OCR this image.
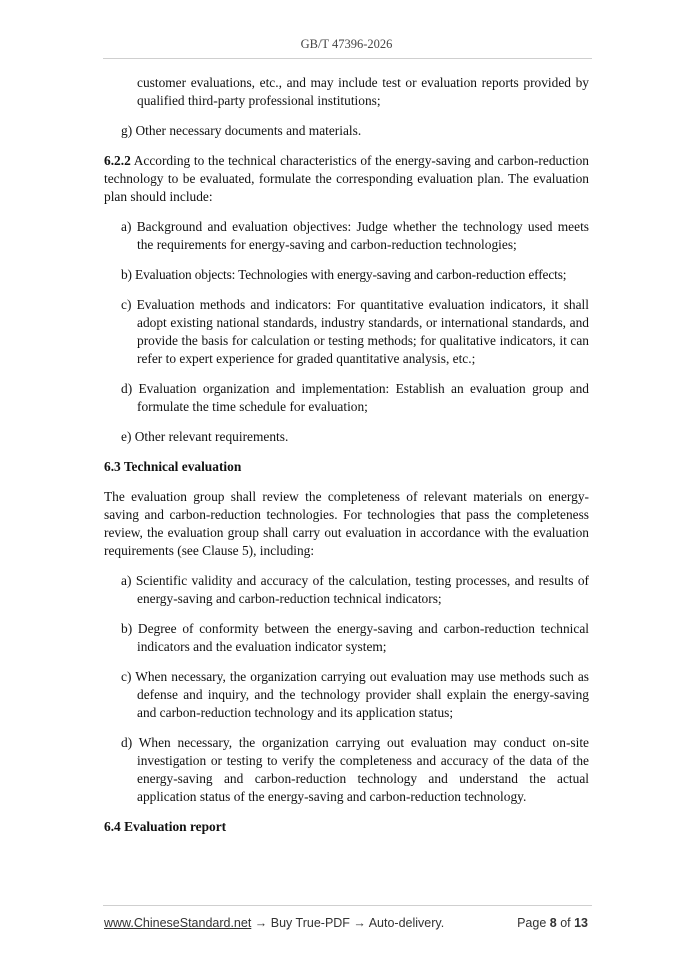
GB/T 47396-2026
customer evaluations, etc., and may include test or evaluation reports provided by qualified third-party professional institutions;
g) Other necessary documents and materials.

6.2.2 According to the technical characteristics of the energy-saving and carbon-reduction technology to be evaluated, formulate the corresponding evaluation plan. The evaluation plan should include:

a) Background and evaluation objectives: Judge whether the technology used meets the requirements for energy-saving and carbon-reduction technologies;
b) Evaluation objects: Technologies with energy-saving and carbon-reduction effects;
c) Evaluation methods and indicators: For quantitative evaluation indicators, it shall adopt existing national standards, industry standards, or international standards, and provide the basis for calculation or testing methods; for qualitative indicators, it can refer to expert experience for graded quantitative analysis, etc.;
d) Evaluation organization and implementation: Establish an evaluation group and formulate the time schedule for evaluation;
e) Other relevant requirements.
6.3 Technical evaluation

The evaluation group shall review the completeness of relevant materials on energy-saving and carbon-reduction technologies. For technologies that pass the completeness review, the evaluation group shall carry out evaluation in accordance with the evaluation requirements (see Clause 5), including:

a) Scientific validity and accuracy of the calculation, testing processes, and results of energy-saving and carbon-reduction technical indicators;
b) Degree of conformity between the energy-saving and carbon-reduction technical indicators and the evaluation indicator system;
c) When necessary, the organization carrying out evaluation may use methods such as defense and inquiry, and the technology provider shall explain the energy-saving and carbon-reduction technology and its application status;
d) When necessary, the organization carrying out evaluation may conduct on-site investigation or testing to verify the completeness and accuracy of the data of the energy-saving and carbon-reduction technology and understand the actual application status of the energy-saving and carbon-reduction technology.
6.4 Evaluation report
www.ChineseStandard.net → Buy True-PDF → Auto-delivery.	Page 8 of 13
